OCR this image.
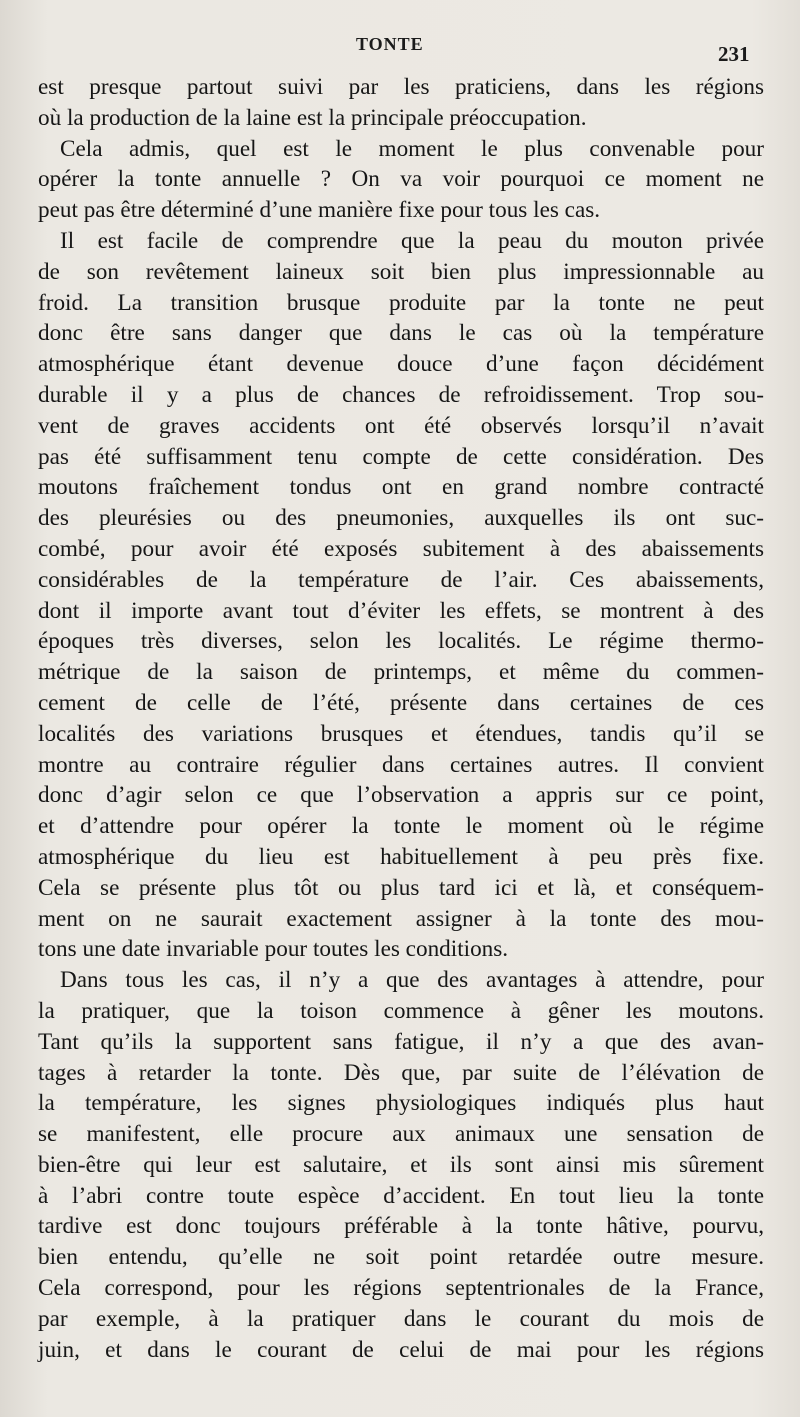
TONTE	231
est presque partout suivi par les praticiens, dans les régions
où la production de la laine est la principale préoccupation.
Cela admis, quel est le moment le plus convenable pour
opérer la tonte annuelle ? On va voir pourquoi ce moment ne
peut pas être déterminé d’une manière fixe pour tous les cas.
Il est facile de comprendre que la peau du mouton privée
de son revêtement laineux soit bien plus impressionnable au
froid. La transition brusque produite par la tonte ne peut
donc être sans danger que dans le cas où la température
atmosphérique étant devenue douce d’une façon décidément
durable il y a plus de chances de refroidissement. Trop sou-
vent de graves accidents ont été observés lorsqu’il n’avait
pas été suffisamment tenu compte de cette considération. Des
moutons fraîchement tondus ont en grand nombre contracté
des pleurésies ou des pneumonies, auxquelles ils ont suc-
combé, pour avoir été exposés subitement à des abaissements
considérables de la température de l’air. Ces abaissements,
dont il importe avant tout d’éviter les effets, se montrent à des
époques très diverses, selon les localités. Le régime thermo-
métrique de la saison de printemps, et même du commen-
cement de celle de l’été, présente dans certaines de ces
localités des variations brusques et étendues, tandis qu’il se
montre au contraire régulier dans certaines autres. Il convient
donc d’agir selon ce que l’observation a appris sur ce point,
et d’attendre pour opérer la tonte le moment où le régime
atmosphérique du lieu est habituellement à peu près fixe.
Cela se présente plus tôt ou plus tard ici et là, et conséquem-
ment on ne saurait exactement assigner à la tonte des mou-
tons une date invariable pour toutes les conditions.
Dans tous les cas, il n’y a que des avantages à attendre, pour
la pratiquer, que la toison commence à gêner les moutons.
Tant qu’ils la supportent sans fatigue, il n’y a que des avan-
tages à retarder la tonte. Dès que, par suite de l’élévation de
la température, les signes physiologiques indiqués plus haut
se manifestent, elle procure aux animaux une sensation de
bien-être qui leur est salutaire, et ils sont ainsi mis sûrement
à l’abri contre toute espèce d’accident. En tout lieu la tonte
tardive est donc toujours préférable à la tonte hâtive, pourvu,
bien entendu, qu’elle ne soit point retardée outre mesure.
Cela correspond, pour les régions septentrionales de la France,
par exemple, à la pratiquer dans le courant du mois de
juin, et dans le courant de celui de mai pour les régions
